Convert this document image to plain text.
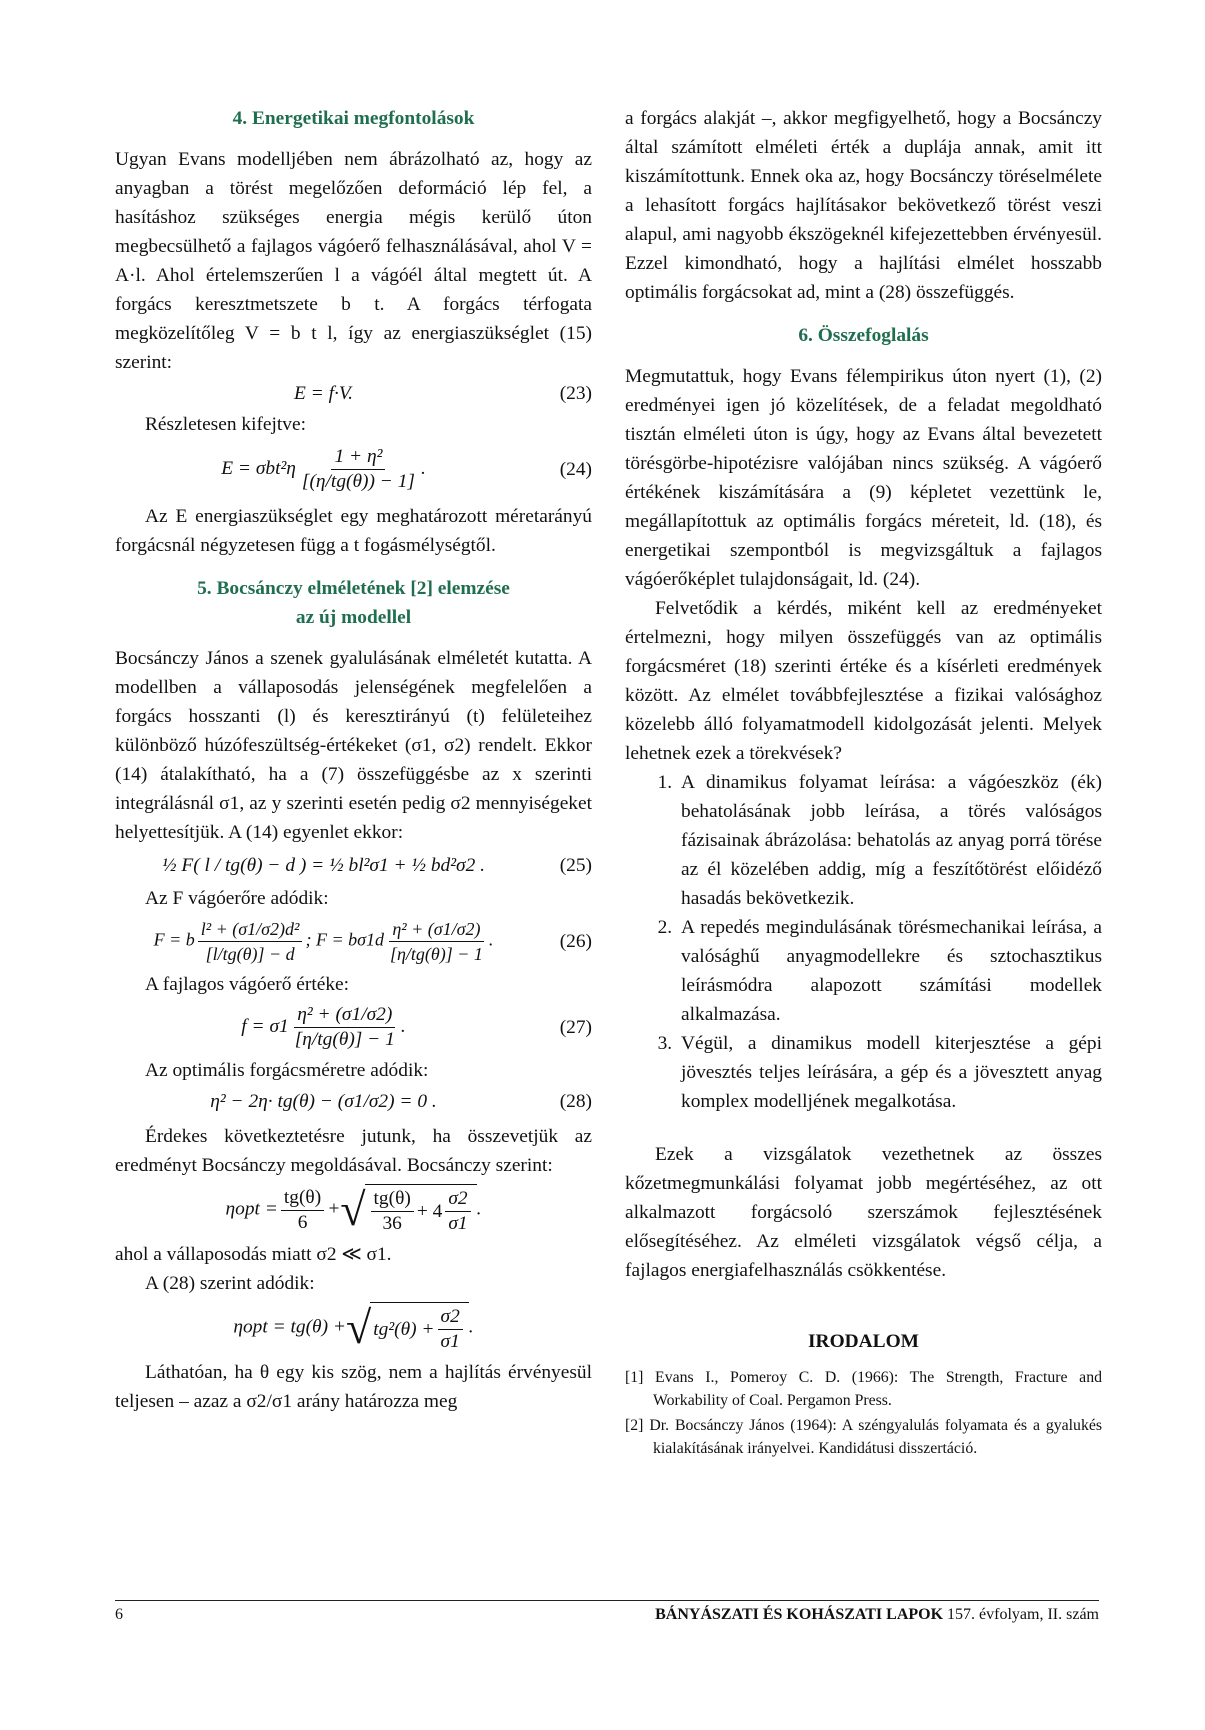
4. Energetikai megfontolások

Ugyan Evans modelljében nem ábrázolható az, hogy az anyagban a törést megelőzően deformáció lép fel, a hasításhoz szükséges energia mégis kerülő úton megbecsülhető a fajlagos vágóerő felhasználásával, ahol V = A·l. Ahol értelemszerűen l a vágóél által megtett út. A forgács keresztmetszete b t. A forgács térfogata megközelítőleg V = b t l, így az energiaszükséglet (15) szerint:

E = f·V.	(23)

Részletesen kifejtve:

$E = \sigma bt^2\eta \frac{\text{1 + η²}}{[(\eta/tg(\theta)) - 1]}$ .	(24)

Az E energiaszükséglet egy meghatározott méretarányú forgácsnál négyzetesen függ a t fogásmélységtől.

5. Bocsánczy elméletének [2] elemzése
az új modellel

Bocsánczy János a szenek gyalulásának elméletét kutatta. A modellben a vállaposodás jelenségének megfelelően a forgács hosszanti (l) és keresztirányú (t) felületeihez különböző húzófeszültség-értékeket (σ1, σ2) rendelt. Ekkor (14) átalakítható, ha a (7) összefüggésbe az x szerinti integrálásnál σ1, az y szerinti esetén pedig σ2 mennyiségeket helyettesítjük. A (14) egyenlet ekkor:

½ F( l / tg(θ) − d ) = ½ bl²σ1 + ½ bd²σ2 .	(25)

Az F vágóerőre adódik:

F = b $\frac{\text{l² + (σ1/σ2)d²}}{[l/tg(\theta)] - d}$ ; $F = b\sigma 1d \frac{\text{η² + (σ1/σ2)}}{[\eta/tg(\theta)] - 1}$ .	(26)

A fajlagos vágóerő értéke:

$f = \sigma 1 \frac{\text{η² + (σ1/σ2)}}{[\eta/tg(\theta)] - 1}$ .	(27)

Az optimális forgácsméretre adódik:

η² − 2η· tg(θ) − (σ1/σ2) = 0 .	(28)

Érdekes következtetésre jutunk, ha összevetjük az eredményt Bocsánczy megoldásával. Bocsánczy szerint:

$\eta opt = \frac{tg(\theta)}{6}$ + √ $\frac{tg(\theta)}{36} + 4 \frac{\sigma 2}{\sigma 1}$ .

ahol a vállaposodás miatt σ2 ≪ σ1.

A (28) szerint adódik:

ηopt = tg(θ) + √ $tg^2(\theta) + \frac{\sigma 2}{\sigma 1}$ .

Láthatóan, ha θ egy kis szög, nem a hajlítás érvényesül teljesen – azaz a σ2/σ1 arány határozza meg

a forgács alakját –, akkor megfigyelhető, hogy a Bocsánczy által számított elméleti érték a duplája annak, amit itt kiszámítottunk. Ennek oka az, hogy Bocsánczy töréselmélete a lehasított forgács hajlításakor bekövetkező törést veszi alapul, ami nagyobb ékszögeknél kifejezettebben érvényesül. Ezzel kimondható, hogy a hajlítási elmélet hosszabb optimális forgácsokat ad, mint a (28) összefüggés.

6. Összefoglalás

Megmutattuk, hogy Evans félempirikus úton nyert (1), (2) eredményei igen jó közelítések, de a feladat megoldható tisztán elméleti úton is úgy, hogy az Evans által bevezetett törésgörbe-hipotézisre valójában nincs szükség. A vágóerő értékének kiszámítására a (9) képletet vezettünk le, megállapítottuk az optimális forgács méreteit, ld. (18), és energetikai szempontból is megvizsgáltuk a fajlagos vágóerőképlet tulajdonságait, ld. (24).

Felvetődik a kérdés, miként kell az eredményeket értelmezni, hogy milyen összefüggés van az optimális forgácsméret (18) szerinti értéke és a kísérleti eredmények között. Az elmélet továbbfejlesztése a fizikai valósághoz közelebb álló folyamatmodell kidolgozását jelenti. Melyek lehetnek ezek a törekvések?

1. A dinamikus folyamat leírása: a vágóeszköz (ék) behatolásának jobb leírása, a törés valóságos fázisainak ábrázolása: behatolás az anyag porrá törése az él közelében addig, míg a feszítőtörést előidéző hasadás bekövetkezik.
2. A repedés megindulásának törésmechanikai leírása, a valósághű anyagmodellekre és sztochasztikus leírásmódra alapozott számítási modellek alkalmazása.
3. Végül, a dinamikus modell kiterjesztése a gépi jövesztés teljes leírására, a gép és a jövesztett anyag komplex modelljének megalkotása.

Ezek a vizsgálatok vezethetnek az összes kőzetmegmunkálási folyamat jobb megértéséhez, az ott alkalmazott forgácsoló szerszámok fejlesztésének elősegítéséhez. Az elméleti vizsgálatok végső célja, a fajlagos energiafelhasználás csökkentése.

IRODALOM
[1] Evans I., Pomeroy C. D. (1966): The Strength, Fracture and Workability of Coal. Pergamon Press.
[2] Dr. Bocsánczy János (1964): A széngyalulás folyamata és a gyalukés kialakításának irányelvei. Kandidátusi disszertáció.
6	BÁNYÁSZATI ÉS KOHÁSZATI LAPOK 157. évfolyam, II. szám
